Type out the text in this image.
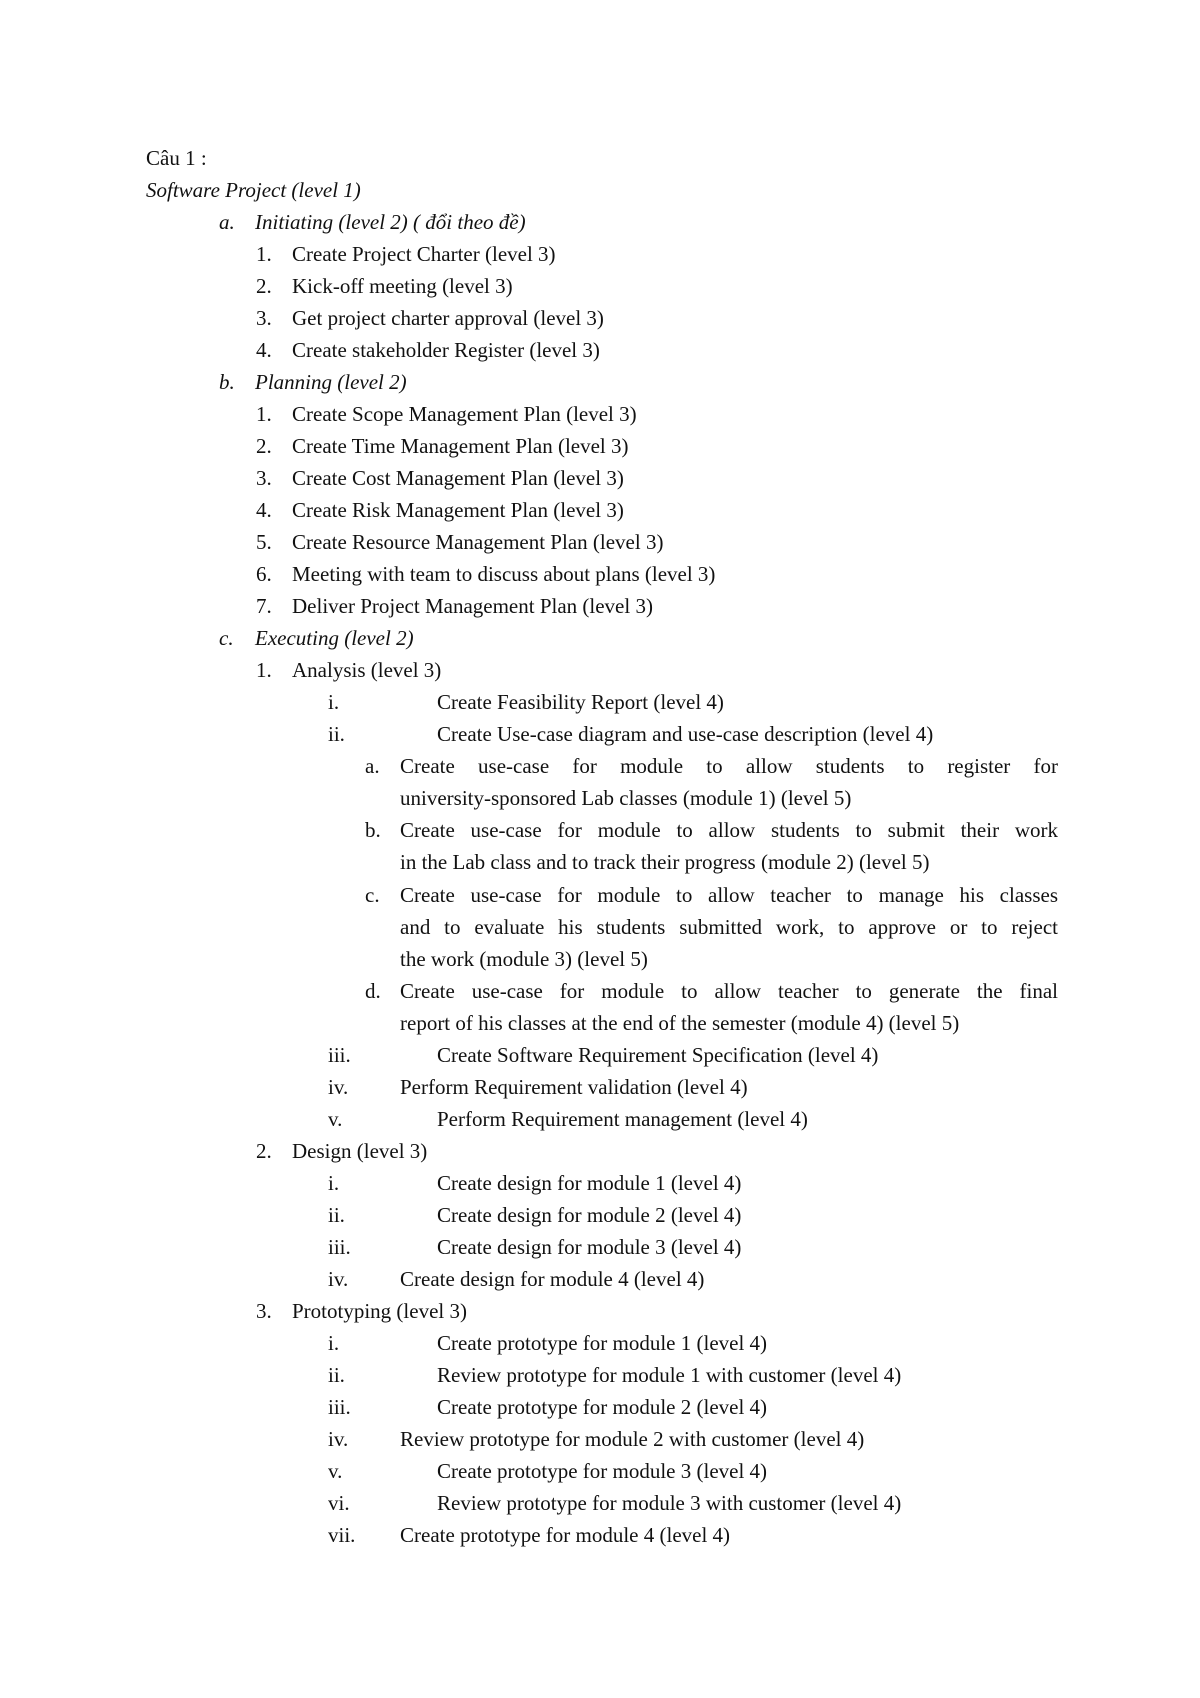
Câu 1 :
Software Project (level 1)
a. Initiating (level 2) ( đổi theo đề)
1. Create Project Charter (level 3)
2. Kick-off meeting (level 3)
3. Get project charter approval (level 3)
4. Create stakeholder Register (level 3)
b. Planning (level 2)
1. Create Scope Management Plan (level 3)
2. Create Time Management Plan (level 3)
3. Create Cost Management Plan (level 3)
4. Create Risk Management Plan (level 3)
5. Create Resource Management Plan (level 3)
6. Meeting with team to discuss about plans (level 3)
7. Deliver Project Management Plan (level 3)
c. Executing (level 2)
1. Analysis (level 3)
i.	Create Feasibility Report (level 4)
ii.	Create Use-case diagram and use-case description (level 4)
a. Create use-case for module to allow students to register for
university-sponsored Lab classes (module 1) (level 5)
b. Create use-case for module to allow students to submit their work
in the Lab class and to track their progress (module 2) (level 5)
c. Create use-case for module to allow teacher to manage his classes
and to evaluate his students submitted work, to approve or to reject
the work (module 3) (level 5)
d. Create use-case for module to allow teacher to generate the final
report of his classes at the end of the semester (module 4) (level 5)
iii.	Create Software Requirement Specification (level 4)
iv. Perform Requirement validation (level 4)
v.	Perform Requirement management (level 4)
2. Design (level 3)
i.	Create design for module 1 (level 4)
ii.	Create design for module 2 (level 4)
iii.	Create design for module 3 (level 4)
iv. Create design for module 4 (level 4)
3. Prototyping (level 3)
i.	Create prototype for module 1 (level 4)
ii.	Review prototype for module 1 with customer (level 4)
iii.	Create prototype for module 2 (level 4)
iv. Review prototype for module 2 with customer (level 4)
v.	Create prototype for module 3 (level 4)
vi.	Review prototype for module 3 with customer (level 4)
vii. Create prototype for module 4 (level 4)
